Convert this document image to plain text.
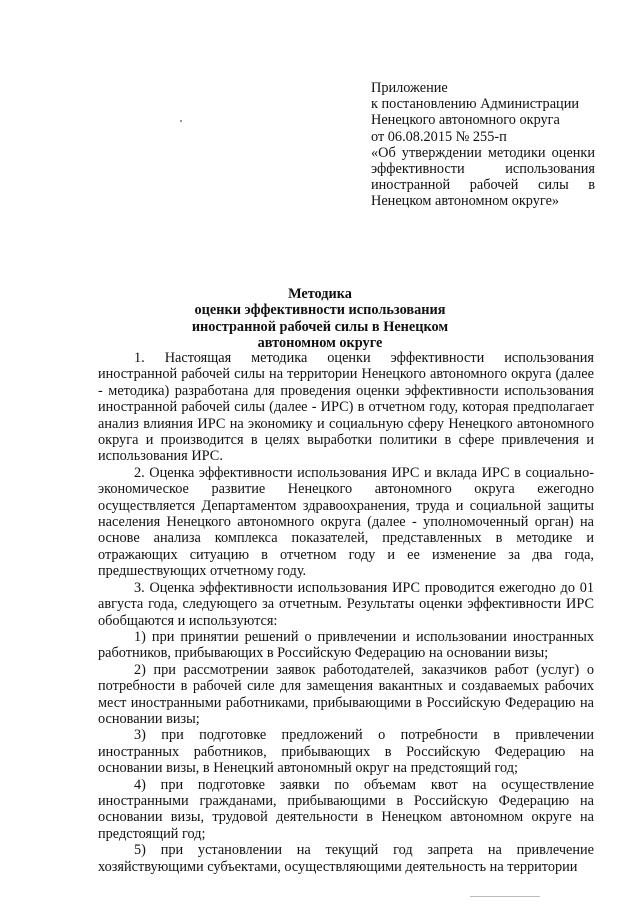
Приложение
к постановлению Администрации
Ненецкого автономного округа
от 06.08.2015 № 255-п
«Об утверждении методики оценки
эффективности использования
иностранной рабочей силы в
Ненецком автономном округе»
Методика
оценки эффективности использования
иностранной рабочей силы в Ненецком
автономном округе

1. Настоящая методика оценки эффективности использования иностранной рабочей силы на территории Ненецкого автономного округа (далее - методика) разработана для проведения оценки эффективности использования иностранной рабочей силы (далее - ИРС) в отчетном году, которая предполагает анализ влияния ИРС на экономику и социальную сферу Ненецкого автономного округа и производится в целях выработки политики в сфере привлечения и использования ИРС.

2. Оценка эффективности использования ИРС и вклада ИРС в социально-экономическое развитие Ненецкого автономного округа ежегодно осуществляется Департаментом здравоохранения, труда и социальной защиты населения Ненецкого автономного округа (далее - уполномоченный орган) на основе анализа комплекса показателей, представленных в методике и отражающих ситуацию в отчетном году и ее изменение за два года, предшествующих отчетному году.

3. Оценка эффективности использования ИРС проводится ежегодно до 01 августа года, следующего за отчетным. Результаты оценки эффективности ИРС обобщаются и используются:

1) при принятии решений о привлечении и использовании иностранных работников, прибывающих в Российскую Федерацию на основании визы;

2) при рассмотрении заявок работодателей, заказчиков работ (услуг) о потребности в рабочей силе для замещения вакантных и создаваемых рабочих мест иностранными работниками, прибывающими в Российскую Федерацию на основании визы;

3) при подготовке предложений о потребности в привлечении иностранных работников, прибывающих в Российскую Федерацию на основании визы, в Ненецкий автономный округ на предстоящий год;

4) при подготовке заявки по объемам квот на осуществление иностранными гражданами, прибывающими в Российскую Федерацию на основании визы, трудовой деятельности в Ненецком автономном округе на предстоящий год;

5) при установлении на текущий год запрета на привлечение хозяйствующими субъектами, осуществляющими деятельность на территории
